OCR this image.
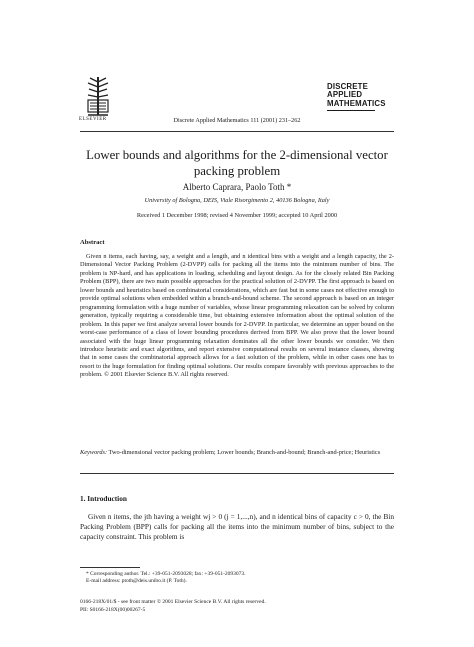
ELSEVIER	Discrete Applied Mathematics 111 (2001) 231–262
DISCRETE
APPLIED
MATHEMATICS
Lower bounds and algorithms for the 2-dimensional vector
packing problem
Alberto Caprara, Paolo Toth *
University of Bologna, DEIS, Viale Risorgimento 2, 40136 Bologna, Italy
Received 1 December 1998; revised 4 November 1999; accepted 10 April 2000
Abstract
Given n items, each having, say, a weight and a length, and n identical bins with a weight and a length capacity, the 2-Dimensional Vector Packing Problem (2-DVPP) calls for packing all the items into the minimum number of bins. The problem is NP-hard, and has applications in loading, scheduling and layout design. As for the closely related Bin Packing Problem (BPP), there are two main possible approaches for the practical solution of 2-DVPP. The first approach is based on lower bounds and heuristics based on combinatorial considerations, which are fast but in some cases not effective enough to provide optimal solutions when embedded within a branch-and-bound scheme. The second approach is based on an integer programming formulation with a huge number of variables, whose linear programming relaxation can be solved by column generation, typically requiring a considerable time, but obtaining extensive information about the optimal solution of the problem. In this paper we first analyze several lower bounds for 2-DVPP. In particular, we determine an upper bound on the worst-case performance of a class of lower bounding procedures derived from BPP. We also prove that the lower bound associated with the huge linear programming relaxation dominates all the other lower bounds we consider. We then introduce heuristic and exact algorithms, and report extensive computational results on several instance classes, showing that in some cases the combinatorial approach allows for a fast solution of the problem, while in other cases one has to resort to the huge formulation for finding optimal solutions. Our results compare favorably with previous approaches to the problem. © 2001 Elsevier Science B.V. All rights reserved.
Keywords: Two-dimensional vector packing problem; Lower bounds; Branch-and-bound; Branch-and-price; Heuristics
1. Introduction
Given n items, the jth having a weight wj > 0 (j = 1,...,n), and n identical bins of capacity c > 0, the Bin Packing Problem (BPP) calls for packing all the items into the minimum number of bins, subject to the capacity constraint. This problem is
* Corresponding author. Tel.: +39-051-2093028; fax: +39-051-2093073.
E-mail address: ptoth@deis.unibo.it (P. Toth).
0166-218X/01/$ - see front matter © 2001 Elsevier Science B.V. All rights reserved.
PII: S0166-218X(00)00267-5
